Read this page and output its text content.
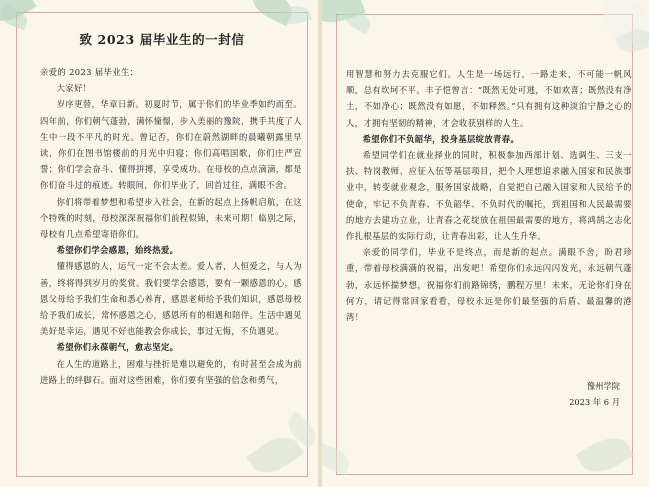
致 2023 届毕业生的一封信

亲爱的 2023 届毕业生：

大家好！

岁序更替，华章日新。初夏时节，属于你们的毕业季如约而至。四年前，你们朝气蓬勃，满怀憧憬，步入美丽的豫院，携手共度了人生中一段不平凡的时光。曾记否，你们在蔚然湖畔的晨曦朝露里早读，你们在图书馆楼前的月光中归寝；你们高唱国歌，你们庄严宣誓；你们学会奋斗、懂得拼搏，享受成功。在母校的点点滴滴，都是你们奋斗过的痕迹。转眼间，你们毕业了，回首过往，满眼不舍。

你们将带着梦想和希望步入社会，在新的起点上扬帆启航，在这个特殊的时刻，母校深深祝福你们前程似锦，未来可期！临别之际，母校有几点希望寄语你们。

希望你们学会感恩，始终热爱。

懂得感恩的人，运气一定不会太差。爱人者，人恒爱之，与人为善，终将得到岁月的奖赏。我们要学会感恩，要有一颗感恩的心，感恩父母给予我们生命和悉心养育，感恩老师给予我们知识，感恩母校给予我们成长，常怀感恩之心，感恩所有的相遇和陪伴。生活中遇见美好是幸运，遇见不好也能教会你成长，事过无悔，不负遇见。

希望你们永葆朝气，愈志坚定。

在人生的道路上，困难与挫折是难以避免的，有时甚至会成为前进路上的绊脚石。面对这些困难，你们要有坚强的信念和勇气，

用智慧和努力去克服它们。人生是一场远行，一路走来，不可能一帆风顺，总有坎坷不平。丰子恺曾言：“既然无处可逃，不如欢喜；既然没有净土，不如净心；既然没有如愿，不如释然。”只有拥有这种淡泊宁静之心的人，才拥有坚韧的精神，才会收获别样的人生。

希望你们不负韶华，投身基层绽放青春。

希望同学们在就业择业的同时，积极参加西部计划、选调生、三支一扶、特岗教师、应征入伍等基层项目，把个人理想追求融入国家和民族事业中，转变就业观念，服务国家战略，自觉把自己融入国家和人民给予的使命，牢记不负青春、不负韶华、不负时代的嘱托，到祖国和人民最需要的地方去建功立业，让青春之花绽放在祖国最需要的地方，将鸿鹄之志化作扎根基层的实际行动，让青春出彩，让人生升华。

亲爱的同学们，毕业不是终点，而是新的起点。满眼不舍，盼君珍重，带着母校满满的祝福，出发吧！希望你们永远闪闪发光，永远朝气蓬勃，永远怀揣梦想，祝福你们前路锦绣，鹏程万里！未来，无论你们身在何方，请记得常回家看看，母校永远是你们最坚强的后盾、最温馨的港湾！

豫州学院
2023 年 6 月
